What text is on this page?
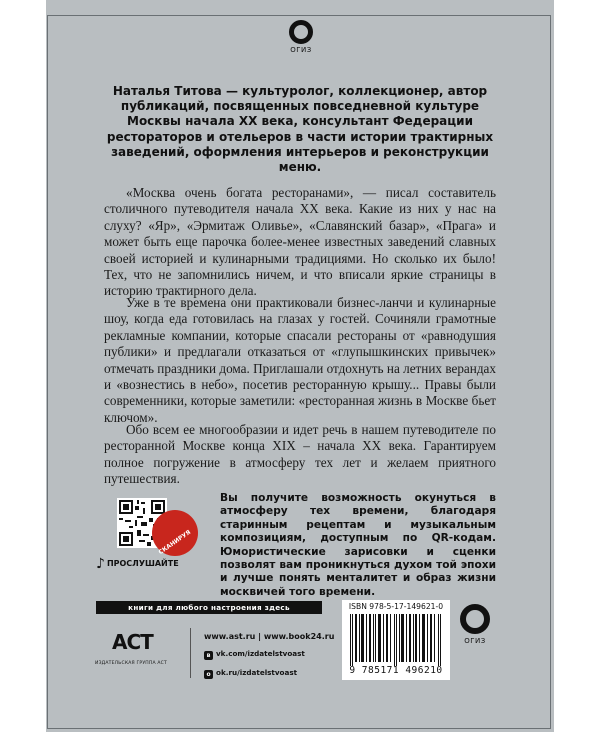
ОГИЗ

Наталья Титова — культуролог, коллекционер, автор публикаций, посвященных повседневной культуре Москвы начала XX века, консультант Федерации рестораторов и отельеров в части истории трактирных заведений, оформления интерьеров и реконструкции меню.

«Москва очень богата ресторанами», — писал составитель столичного путеводителя начала XX века. Какие из них у нас на слуху? «Яр», «Эрмитаж Оливье», «Славянский базар», «Прага» и может быть еще парочка более-менее известных заведений славных своей историей и кулинарными традициями. Но сколько их было! Тех, что не запомнились ничем, и что вписали яркие страницы в историю трактирного дела.

Уже в те времена они практиковали бизнес-ланчи и кулинарные шоу, когда еда готовилась на глазах у гостей. Сочиняли грамотные рекламные компании, которые спасали рестораны от «равнодушия публики» и предлагали отказаться от «глупышкинских привычек» отмечать праздники дома. Приглашали отдохнуть на летних верандах и «вознестись в небо», посетив ресторанную крышу... Правы были современники, которые заметили: «ресторанная жизнь в Москве бьет ключом».

Обо всем ее многообразии и идет речь в нашем путеводителе по ресторанной Москве конца XIX – начала XX века. Гарантируем полное погружение в атмосферу тех лет и желаем приятного путешествия.

СКАНИРУЯ
♪ ПРОСЛУШАЙТЕ

Вы получите возможность окунуться в атмосферу тех времени, благодаря старинным рецептам и музыкальным композициям, доступным по QR-кодам. Юмористические зарисовки и сценки позволят вам проникнуться духом той эпохи и лучше понять менталитет и образ жизни москвичей того времени.

книги для любого настроения здесь
АСТ
ИЗДАТЕЛЬСКАЯ ГРУППА АСТ
www.ast.ru | www.book24.ru
в vk.com/izdatelstvoast
о ok.ru/izdatelstvoast
ISBN 978-5-17-149621-0
9 785171 496210
ОГИЗ
